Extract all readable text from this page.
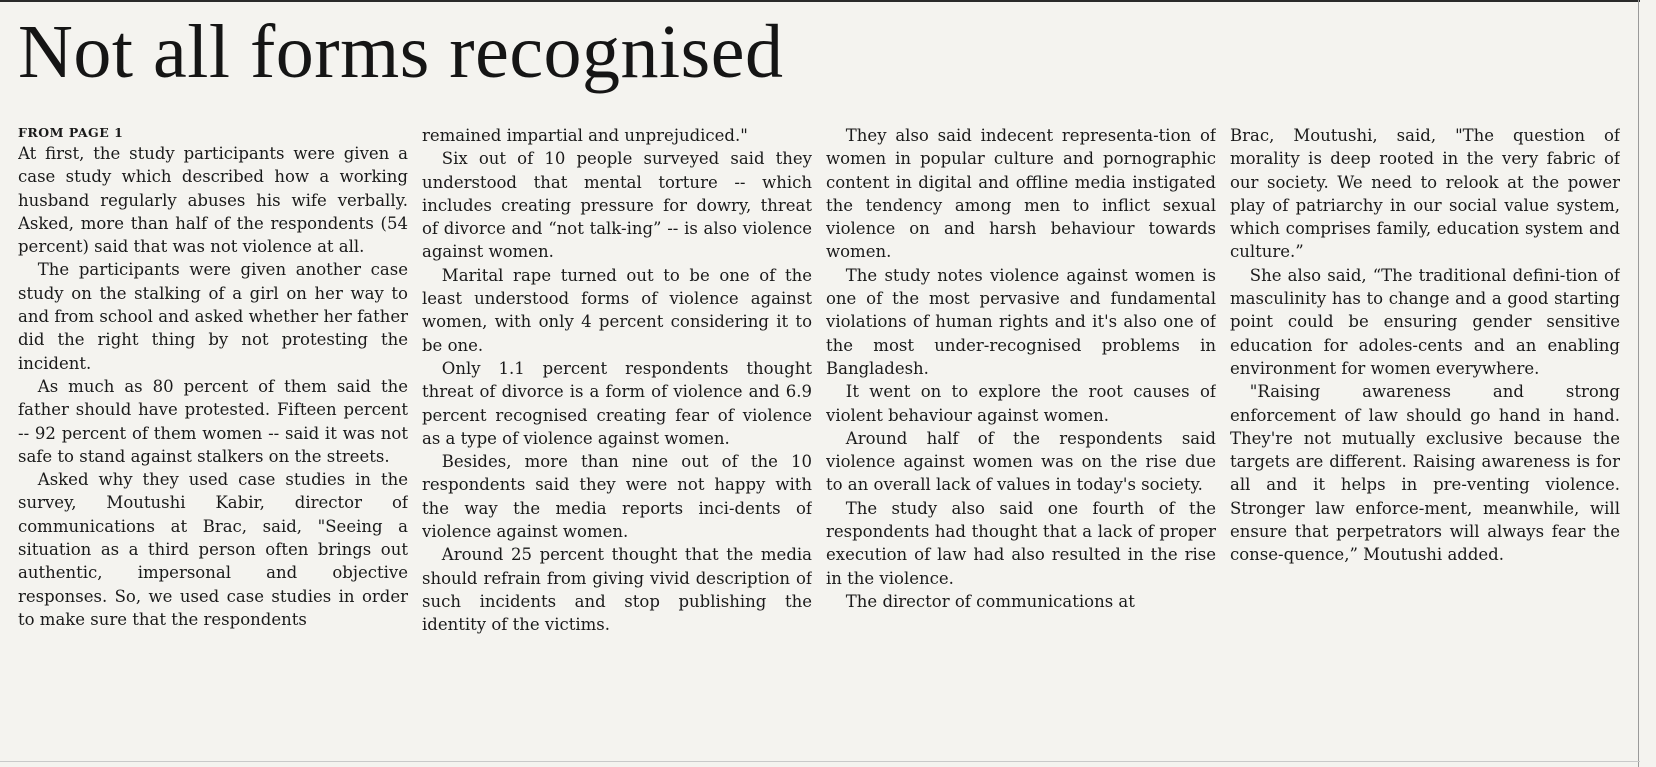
Not all forms recognised
FROM PAGE 1

At first, the study participants were given a case study which described how a working husband regularly abuses his wife verbally. Asked, more than half of the respondents (54 percent) said that was not violence at all.

The participants were given another case study on the stalking of a girl on her way to and from school and asked whether her father did the right thing by not protesting the incident.

As much as 80 percent of them said the father should have protested. Fifteen percent -- 92 percent of them women -- said it was not safe to stand against stalkers on the streets.

Asked why they used case studies in the survey, Moutushi Kabir, director of communications at Brac, said, "Seeing a situation as a third person often brings out authentic, impersonal and objective responses. So, we used case studies in order to make sure that the respondents

remained impartial and unprejudiced."

Six out of 10 people surveyed said they understood that mental torture -- which includes creating pressure for dowry, threat of divorce and “not talk-ing” -- is also violence against women.

Marital rape turned out to be one of the least understood forms of violence against women, with only 4 percent considering it to be one.

Only 1.1 percent respondents thought threat of divorce is a form of violence and 6.9 percent recognised creating fear of violence as a type of violence against women.

Besides, more than nine out of the 10 respondents said they were not happy with the way the media reports inci-dents of violence against women.

Around 25 percent thought that the media should refrain from giving vivid description of such incidents and stop publishing the identity of the victims.

They also said indecent representa-tion of women in popular culture and pornographic content in digital and offline media instigated the tendency among men to inflict sexual violence on and harsh behaviour towards women.

The study notes violence against women is one of the most pervasive and fundamental violations of human rights and it's also one of the most under-recognised problems in Bangladesh.

It went on to explore the root causes of violent behaviour against women.

Around half of the respondents said violence against women was on the rise due to an overall lack of values in today's society.

The study also said one fourth of the respondents had thought that a lack of proper execution of law had also resulted in the rise in the violence.

The director of communications at

Brac, Moutushi, said, "The question of morality is deep rooted in the very fabric of our society. We need to relook at the power play of patriarchy in our social value system, which comprises family, education system and culture.”

She also said, “The traditional defini-tion of masculinity has to change and a good starting point could be ensuring gender sensitive education for adoles-cents and an enabling environment for women everywhere.

"Raising awareness and strong enforcement of law should go hand in hand. They're not mutually exclusive because the targets are different. Raising awareness is for all and it helps in pre-venting violence. Stronger law enforce-ment, meanwhile, will ensure that perpetrators will always fear the conse-quence,” Moutushi added.
